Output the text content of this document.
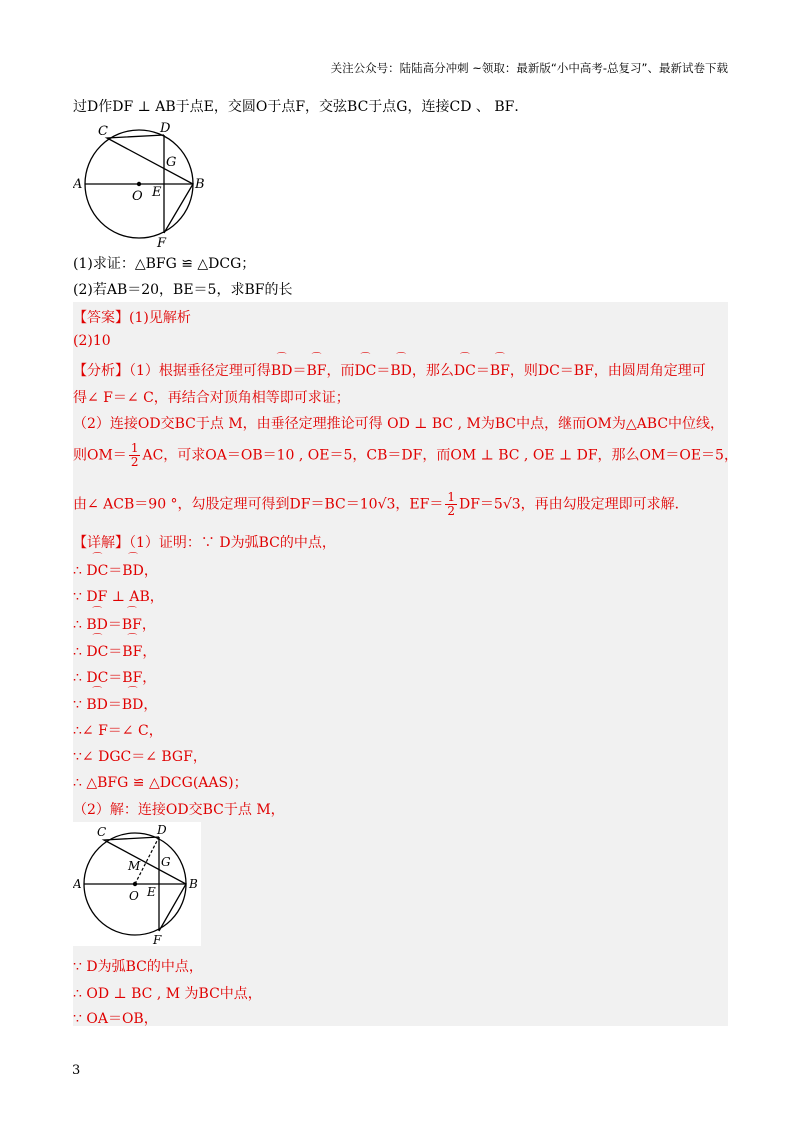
关注公众号：陆陆高分冲刺 ~领取：最新版“小中高考-总复习”、最新试卷下载
过D作DF ⊥ AB于点E，交圆O于点F，交弦BC于点G，连接CD 、 BF．
C	D
G
A	B
O E
F
(1)求证：△BFG ≌ △DCG；
(2)若AB＝20，BE＝5，求BF的长
【答案】(1)见解析
(2)10
【分析】（1）根据垂径定理可得⌒ BD＝⌒ BF，而⌒ DC＝⌒ BD，那么⌒ DC＝⌒ BF，则DC＝BF，由圆周角定理可
得∠ F＝∠ C，再结合对顶角相等即可求证；
（2）连接OD交BC于点 M，由垂径定理推论可得 OD ⊥ BC , M为BC中点，继而OM为△ABC中位线，
则$OM= \frac{1}{2}$ AC，可求OA＝OB＝10 , OE＝5，CB＝DF，而OM ⊥ BC , OE ⊥ DF，那么OM＝OE＝5，
由∠ ACB＝90 °，勾股定理可得到DF＝BC＝10√3，$EF= \frac{1}{2} DF=5√3$，再由勾股定理即可求解．
【详解】（1）证明：∵ D为弧BC的中点，
∴ ⌒ DC＝⌒ BD，
∵ DF ⊥ AB，
∴ ⌒ BD＝⌒ BF，
∴ ⌒ DC＝⌒ BF，
∴ DC＝BF，
∵ ⌒ BD＝⌒ BD，
∴∠ F＝∠ C，
∵∠ DGC＝∠ BGF，
∴ △BFG ≌ △DCG(AAS)；
（2）解：连接OD交BC于点 M，
C	D
G
M
A	B
O E
F
∵ D为弧BC的中点，
∴ OD ⊥ BC , M 为BC中点，
∵ OA＝OB，
3
